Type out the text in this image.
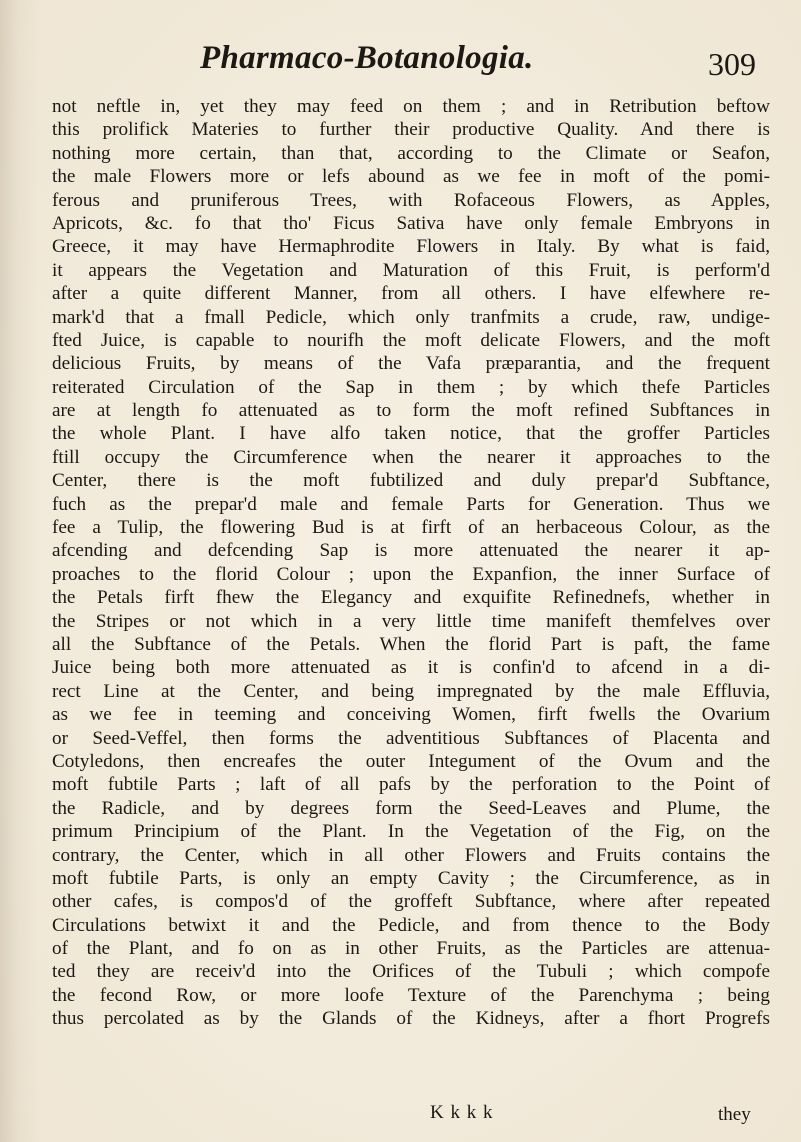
Pharmaco-Botanologia.	309
not neftle in, yet they may feed on them ; and in Retribution beftow
this prolifick Materies to further their productive Quality. And there is
nothing more certain, than that, according to the Climate or Seafon,
the male Flowers more or lefs abound as we fee in moft of the pomi-
ferous and pruniferous Trees, with Rofaceous Flowers, as Apples,
Apricots, &c. fo that tho' Ficus Sativa have only female Embryons in
Greece, it may have Hermaphrodite Flowers in Italy. By what is faid,
it appears the Vegetation and Maturation of this Fruit, is perform'd
after a quite different Manner, from all others. I have elfewhere re-
mark'd that a fmall Pedicle, which only tranfmits a crude, raw, undige-
fted Juice, is capable to nourifh the moft delicate Flowers, and the moft
delicious Fruits, by means of the Vafa præparantia, and the frequent
reiterated Circulation of the Sap in them ; by which thefe Particles
are at length fo attenuated as to form the moft refined Subftances in
the whole Plant. I have alfo taken notice, that the groffer Particles
ftill occupy the Circumference when the nearer it approaches to the
Center, there is the moft fubtilized and duly prepar'd Subftance,
fuch as the prepar'd male and female Parts for Generation. Thus we
fee a Tulip, the flowering Bud is at firft of an herbaceous Colour, as the
afcending and defcending Sap is more attenuated the nearer it ap-
proaches to the florid Colour ; upon the Expanfion, the inner Surface of
the Petals firft fhew the Elegancy and exquifite Refinednefs, whether in
the Stripes or not which in a very little time manifeft themfelves over
all the Subftance of the Petals. When the florid Part is paft, the fame
Juice being both more attenuated as it is confin'd to afcend in a di-
rect Line at the Center, and being impregnated by the male Effluvia,
as we fee in teeming and conceiving Women, firft fwells the Ovarium
or Seed-Veffel, then forms the adventitious Subftances of Placenta and
Cotyledons, then encreafes the outer Integument of the Ovum and the
moft fubtile Parts ; laft of all pafs by the perforation to the Point of
the Radicle, and by degrees form the Seed-Leaves and Plume, the
primum Principium of the Plant. In the Vegetation of the Fig, on the
contrary, the Center, which in all other Flowers and Fruits contains the
moft fubtile Parts, is only an empty Cavity ; the Circumference, as in
other cafes, is compos'd of the groffeft Subftance, where after repeated
Circulations betwixt it and the Pedicle, and from thence to the Body
of the Plant, and fo on as in other Fruits, as the Particles are attenua-
ted they are receiv'd into the Orifices of the Tubuli ; which compofe
the fecond Row, or more loofe Texture of the Parenchyma ; being
thus percolated as by the Glands of the Kidneys, after a fhort Progrefs
K k k k	they
